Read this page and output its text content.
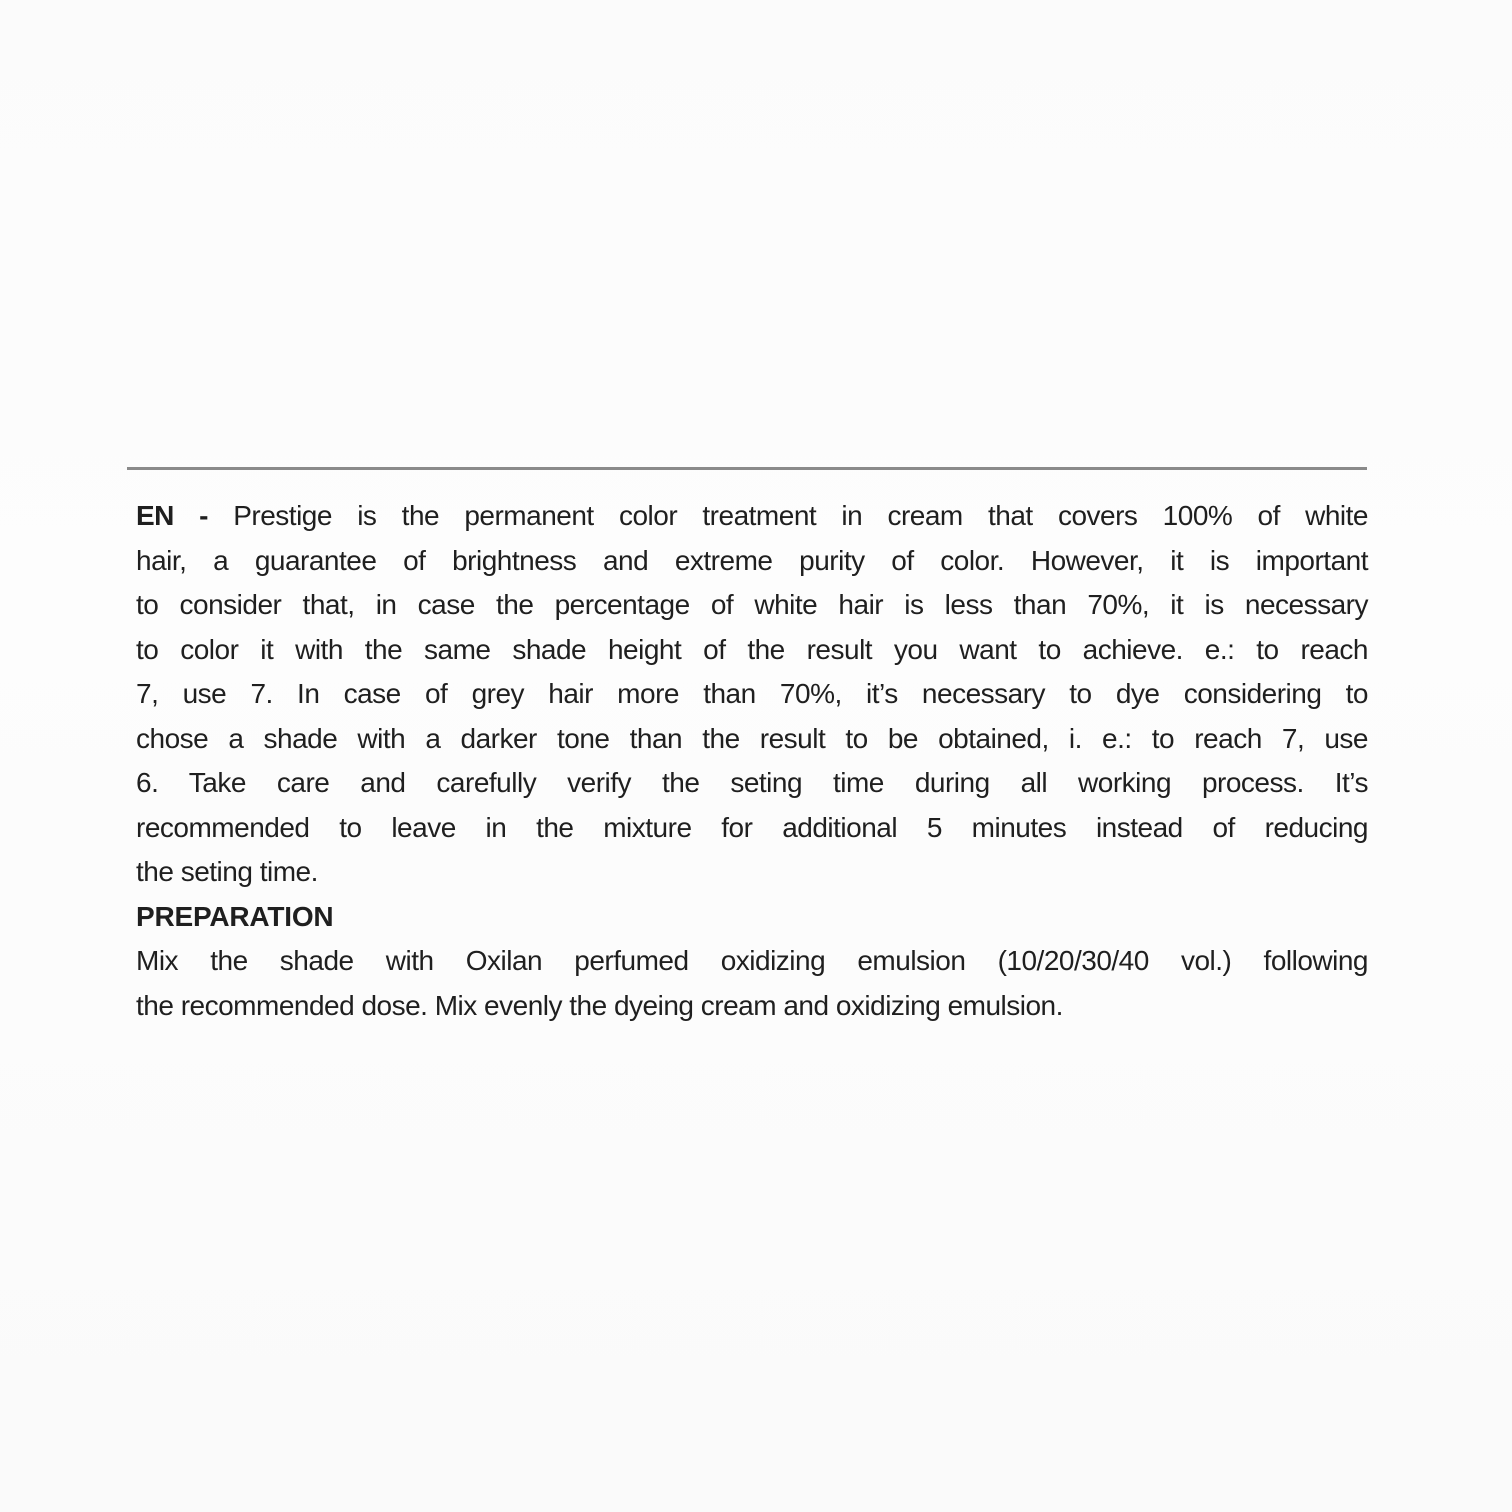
EN - Prestige is the permanent color treatment in cream that covers 100% of white
hair, a guarantee of brightness and extreme purity of color. However, it is important
to consider that, in case the percentage of white hair is less than 70%, it is necessary
to color it with the same shade height of the result you want to achieve. e.: to reach
7, use 7. In case of grey hair more than 70%, it’s necessary to dye considering to
chose a shade with a darker tone than the result to be obtained, i. e.: to reach 7, use
6. Take care and carefully verify the seting time during all working process. It’s
recommended to leave in the mixture for additional 5 minutes instead of reducing
the seting time.
PREPARATION
Mix the shade with Oxilan perfumed oxidizing emulsion (10/20/30/40 vol.) following
the recommended dose. Mix evenly the dyeing cream and oxidizing emulsion.
